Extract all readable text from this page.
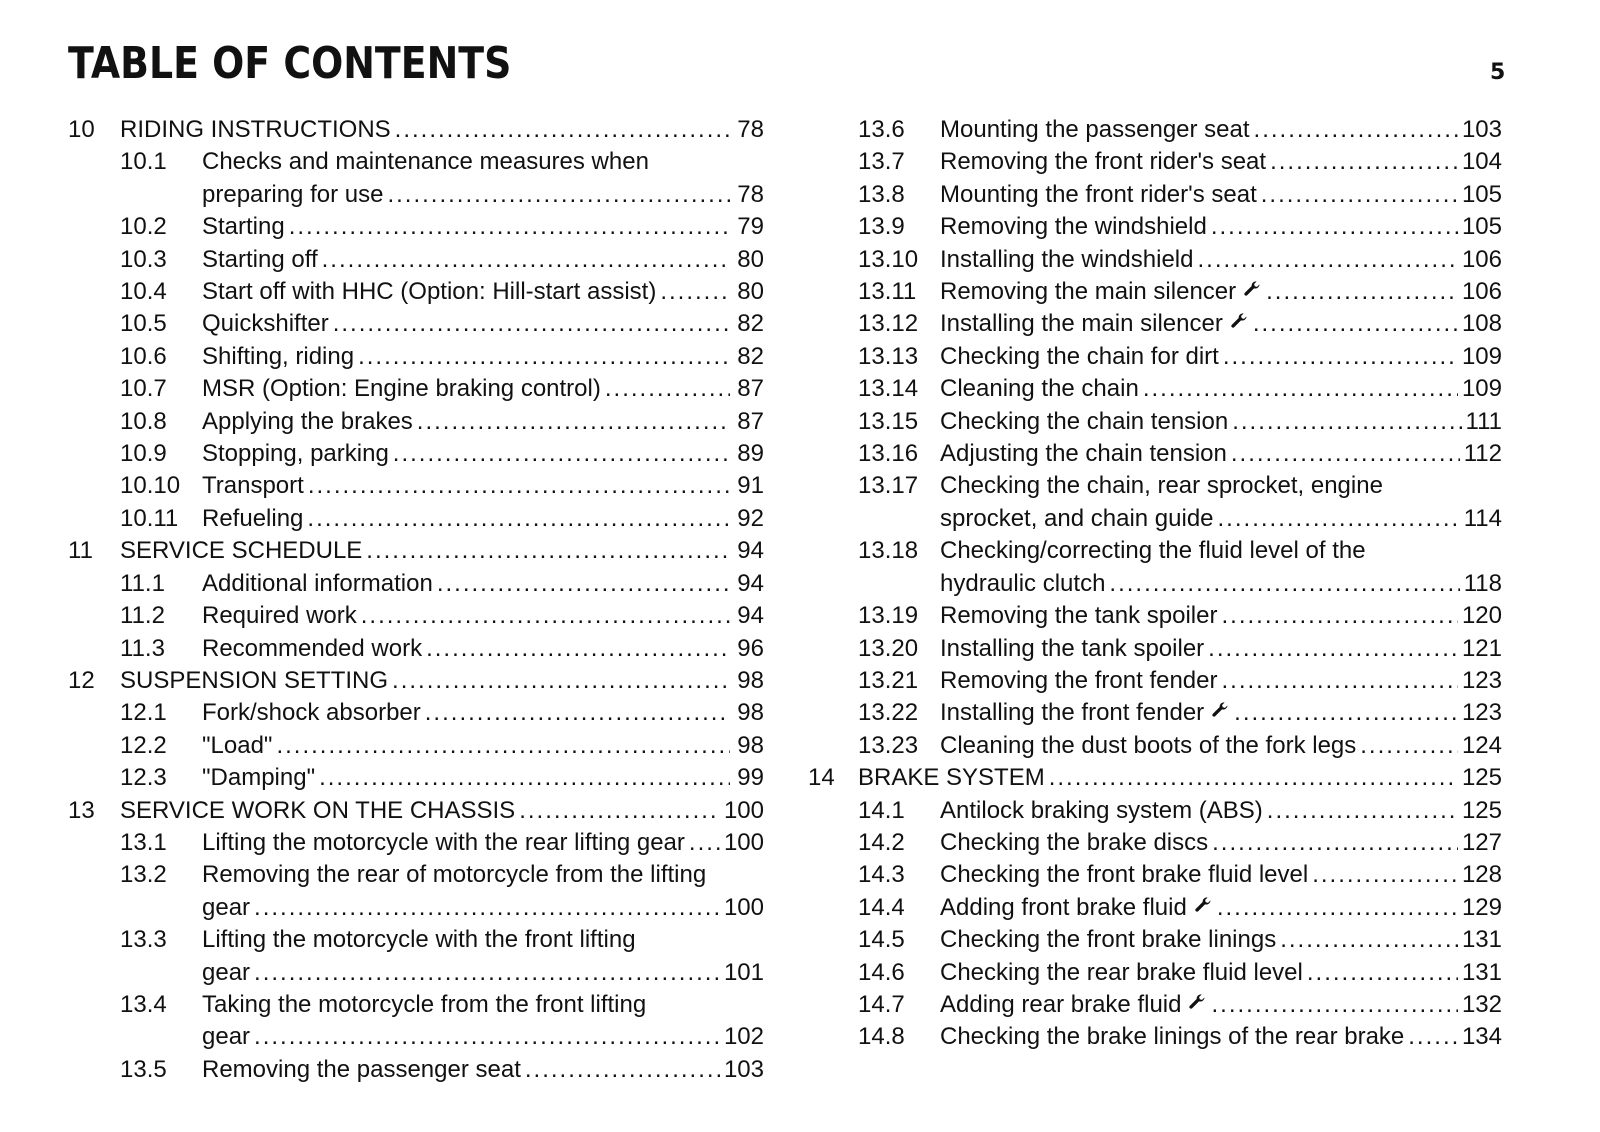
TABLE OF CONTENTS	5
10	RIDING INSTRUCTIONS .....	78
10.1	Checks and maintenance measures when
preparing for use .....	78
10.2	Starting .....	79
10.3	Starting off .....	80
10.4	Start off with HHC (Option: Hill-start assist) .....	80
10.5	Quickshifter .....	82
10.6	Shifting, riding .....	82
10.7	MSR (Option: Engine braking control) .....	87
10.8	Applying the brakes .....	87
10.9	Stopping, parking .....	89
10.10 Transport .....	91
10.11 Refueling .....	92
11	SERVICE SCHEDULE .....	94
11.1	Additional information .....	94
11.2	Required work .....	94
11.3	Recommended work .....	96
12	SUSPENSION SETTING .....	98
12.1	Fork/shock absorber .....	98
12.2	"Load" .....	98
12.3	"Damping" .....	99
13	SERVICE WORK ON THE CHASSIS .....	100
13.1	Lifting the motorcycle with the rear lifting gear ..... 100
13.2	Removing the rear of motorcycle from the lifting
gear .....	100
13.3	Lifting the motorcycle with the front lifting
gear .....	101
13.4	Taking the motorcycle from the front lifting
gear .....	102
13.5	Removing the passenger seat .....	103
13.6	Mounting the passenger seat .....	103
13.7	Removing the front rider's seat .....	104
13.8	Mounting the front rider's seat .....	105
13.9	Removing the windshield .....	105
13.10 Installing the windshield .....	106
13.11 Removing the main silencer .....	106
13.12 Installing the main silencer .....	108
13.13 Checking the chain for dirt .....	109
13.14 Cleaning the chain .....	109
13.15 Checking the chain tension .....	111
13.16 Adjusting the chain tension .....	112
13.17 Checking the chain, rear sprocket, engine
sprocket, and chain guide .....	114
13.18 Checking/correcting the fluid level of the
hydraulic clutch .....	118
13.19 Removing the tank spoiler .....	120
13.20 Installing the tank spoiler .....	121
13.21 Removing the front fender .....	123
13.22 Installing the front fender .....	123
13.23 Cleaning the dust boots of the fork legs .....	124
14 BRAKE SYSTEM .....	125
14.1	Antilock braking system (ABS) .....	125
14.2	Checking the brake discs .....	127
14.3	Checking the front brake fluid level .....	128
14.4	Adding front brake fluid .....	129
14.5	Checking the front brake linings .....	131
14.6	Checking the rear brake fluid level .....	131
14.7	Adding rear brake fluid .....	132
14.8	Checking the brake linings of the rear brake ..... 134
